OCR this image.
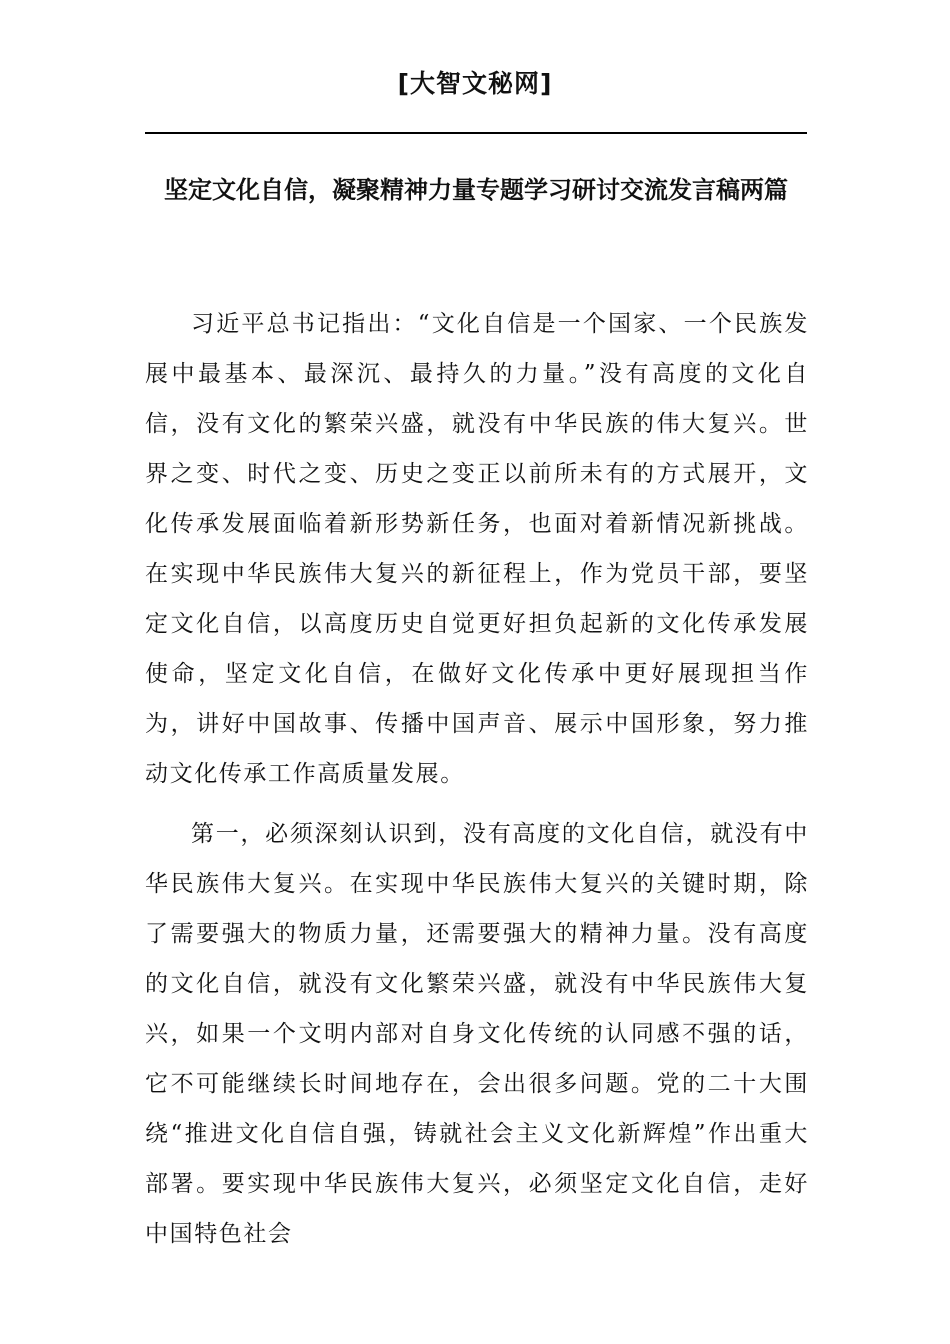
[大智文秘网]
坚定文化自信，凝聚精神力量专题学习研讨交流发言稿两篇

习近平总书记指出：“文化自信是一个国家、一个民族发展中最基本、最深沉、最持久的力量。”没有高度的文化自信，没有文化的繁荣兴盛，就没有中华民族的伟大复兴。世界之变、时代之变、历史之变正以前所未有的方式展开，文化传承发展面临着新形势新任务，也面对着新情况新挑战。在实现中华民族伟大复兴的新征程上，作为党员干部，要坚定文化自信，以高度历史自觉更好担负起新的文化传承发展使命，坚定文化自信，在做好文化传承中更好展现担当作为，讲好中国故事、传播中国声音、展示中国形象，努力推动文化传承工作高质量发展。

第一，必须深刻认识到，没有高度的文化自信，就没有中华民族伟大复兴。在实现中华民族伟大复兴的关键时期，除了需要强大的物质力量，还需要强大的精神力量。没有高度的文化自信，就没有文化繁荣兴盛，就没有中华民族伟大复兴，如果一个文明内部对自身文化传统的认同感不强的话，它不可能继续长时间地存在，会出很多问题。党的二十大围绕“推进文化自信自强，铸就社会主义文化新辉煌”作出重大部署。要实现中华民族伟大复兴，必须坚定文化自信，走好中国特色社会
